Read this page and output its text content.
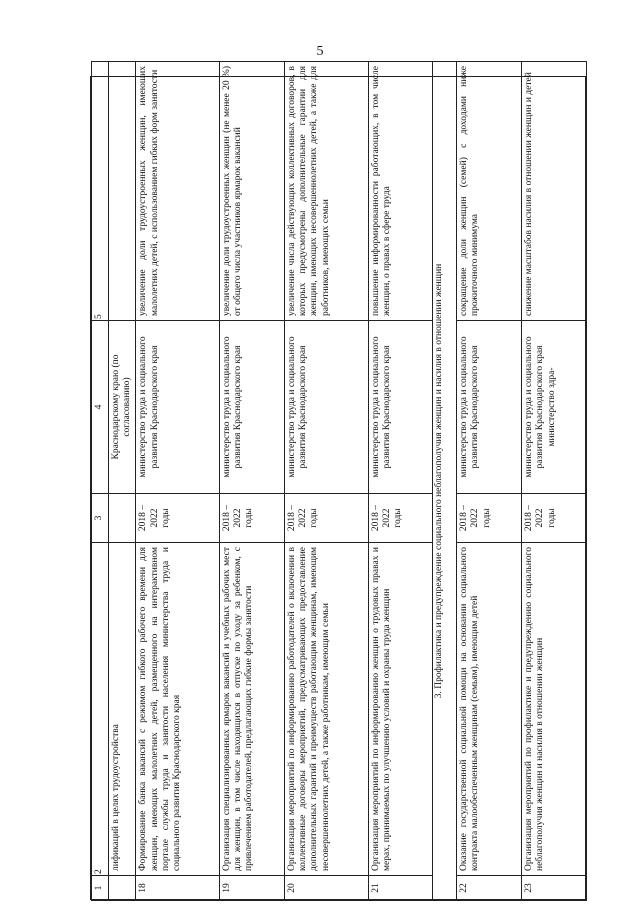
5
1	2	3	4	5
	лификаций в целях трудоустройства		Краснодарскому краю (по согласованию)	
18	Формирование банка вакансий с режимом гибкого рабочего времени для женщин, имеющих малолетних детей, размещенного на интерактивном портале службы труда и занятости населения министерства труда и социального развития Краснодарского края	2018 – 2022 годы	министерство труда и социального развития Краснодарского края	увеличение доли трудоустроенных женщин, имеющих малолетних детей, с использованием гибких форм занятости
19	Организация специализированных ярмарок вакансий и учебных рабочих мест для женщин, в том числе находящихся в отпуске по уходу за ребенком, с привлечением работодателей, предлагающих гибкие формы занятости	2018 – 2022 годы	министерство труда и социального развития Краснодарского края	увеличение доли трудоустроенных женщин (не менее 20 %) от общего числа участников ярмарок вакансий
20	Организация мероприятий по информированию работодателей о включении в коллективные договоры мероприятий, предусматривающих предоставление дополнительных гарантий и преимуществ работающим женщинам, имеющим несовершеннолетних детей, а также работникам, имеющим семьи	2018 – 2022 годы	министерство труда и социального развития Краснодарского края	увеличение числа действующих коллективных договоров, в которых предусмотрены дополнительные гарантии для женщин, имеющих несовершеннолетних детей, а также для работников, имеющих семьи
21	Организация мероприятий по информированию женщин о трудовых правах и мерах, принимаемых по улучшению условий и охраны труда женщин	2018 – 2022 годы	министерство труда и социального развития Краснодарского края	повышение информированности работающих, в том числе женщин, о правах в сфере труда
3. Профилактика и предупреждение социального неблагополучия женщин и насилия в отношении женщин				
22	Оказание государственной социальной помощи на основании социального контракта малообеспеченным женщинам (семьям), имеющим детей	2018 – 2022 годы	министерство труда и социального развития Краснодарского края	сокращение доли женщин (семей) с доходами ниже прожиточного минимума
23	Организация мероприятий по профилактике и предупреждению социального неблагополучия женщин и насилия в отношении женщин	2018 – 2022 годы	министерство труда и социального развития Краснодарского края министерство здра-	снижение масштабов насилия в отношении женщин и детей
